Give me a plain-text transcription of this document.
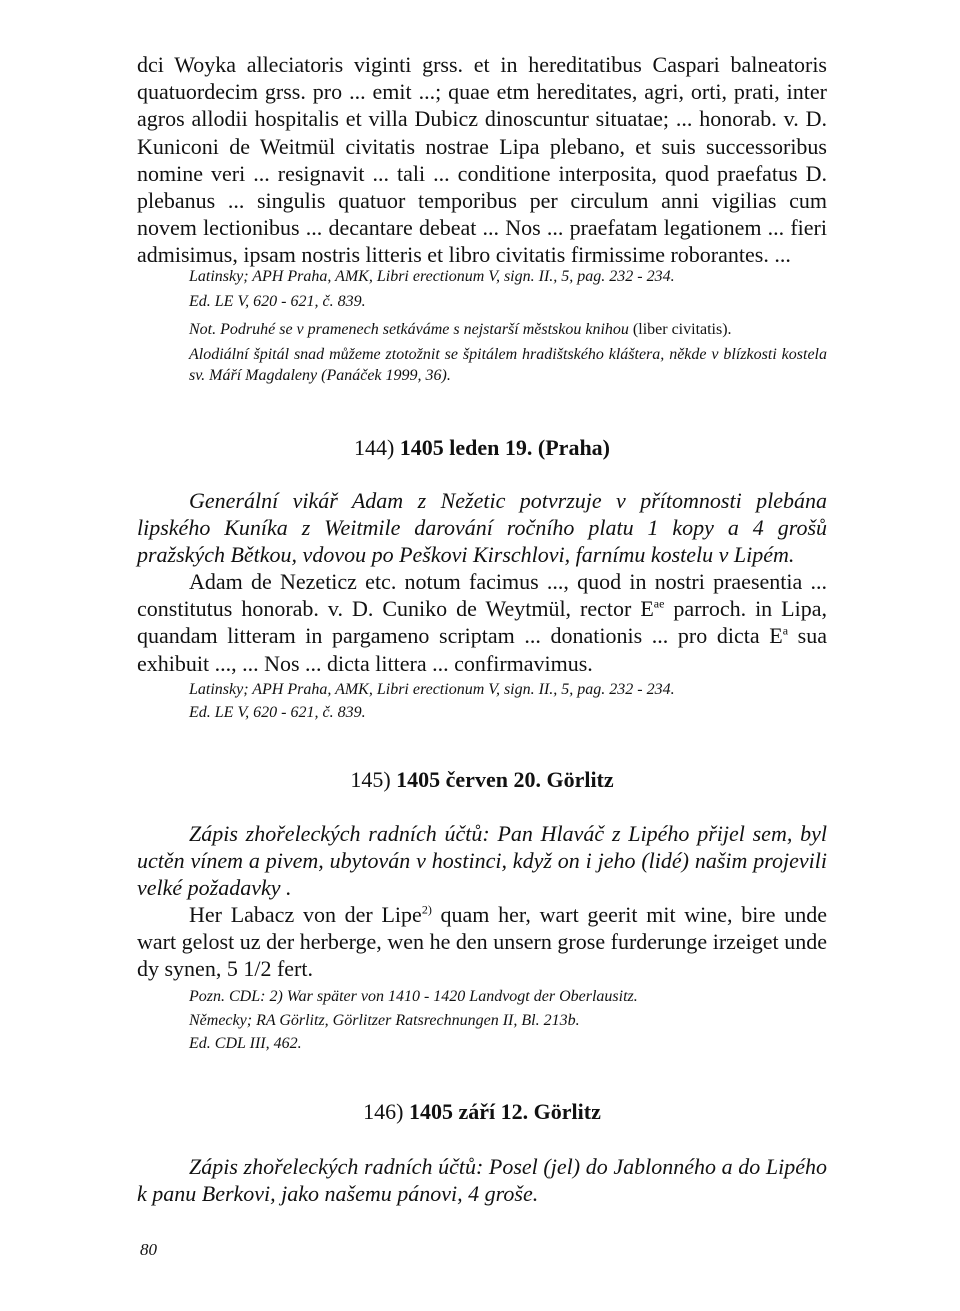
dci Woyka alleciatoris viginti grss. et in hereditatibus Caspari balneatoris quatuordecim grss. pro ... emit ...; quae etm hereditates, agri, orti, prati, inter agros allodii hospitalis et villa Dubicz dinoscuntur situatae; ... honorab. v. D. Kuniconi de Weitmül civitatis nostrae Lipa plebano, et suis successoribus nomine veri ... resignavit ... tali ... conditione interposita, quod praefatus D. plebanus ... singulis quatuor temporibus per circulum anni vigilias cum novem lectionibus ... decantare debeat ... Nos ... praefatam legationem ... fieri admisimus, ipsam nostris litteris et libro civitatis firmissime roborantes. ...
Latinsky; APH Praha, AMK, Libri erectionum V, sign. II., 5, pag. 232 - 234.
Ed. LE V, 620 - 621, č. 839.
Not. Podruhé se v pramenech setkáváme s nejstarší městskou knihou (liber civitatis).
Alodiální špitál snad můžeme ztotožnit se špitálem hradištského kláštera, někde v blízkosti kostela sv. Máří Magdaleny (Panáček 1999, 36).
144) 1405 leden 19. (Praha)
Generální vikář Adam z Nežetic potvrzuje v přítomnosti plebána lipského Kuníka z Weitmile darování ročního platu 1 kopy a 4 grošů pražských Bětkou, vdovou po Peškovi Kirschlovi, farnímu kostelu v Lipém.
Adam de Nezeticz etc. notum facimus ..., quod in nostri praesentia ... constitutus honorab. v. D. Cuniko de Weytmül, rector $E^{ae}$ parroch. in Lipa, quandam litteram in pargameno scriptam ... donationis ... pro dicta $E^a$ sua exhibuit ..., ... Nos ... dicta littera ... confirmavimus.
Latinsky; APH Praha, AMK, Libri erectionum V, sign. II., 5, pag. 232 - 234.
Ed. LE V, 620 - 621, č. 839.
145) 1405 červen 20. Görlitz
Zápis zhořeleckých radních účtů: Pan Hlaváč z Lipého přijel sem, byl uctěn vínem a pivem, ubytován v hostinci, když on i jeho (lidé) našim projevili velké požadavky .
Her Labacz von der Lipe$^{2)}$ quam her, wart geerit mit wine, bire unde wart gelost uz der herberge, wen he den unsern grose furderunge irzeiget unde dy synen, 5 1/2 fert.
Pozn. CDL: 2) War später von 1410 - 1420 Landvogt der Oberlausitz.
Německy; RA Görlitz, Görlitzer Ratsrechnungen II, Bl. 213b.
Ed. CDL III, 462.
146) 1405 září 12. Görlitz
Zápis zhořeleckých radních účtů: Posel (jel) do Jablonného a do Lipého k panu Berkovi, jako našemu pánovi, 4 groše.
80
